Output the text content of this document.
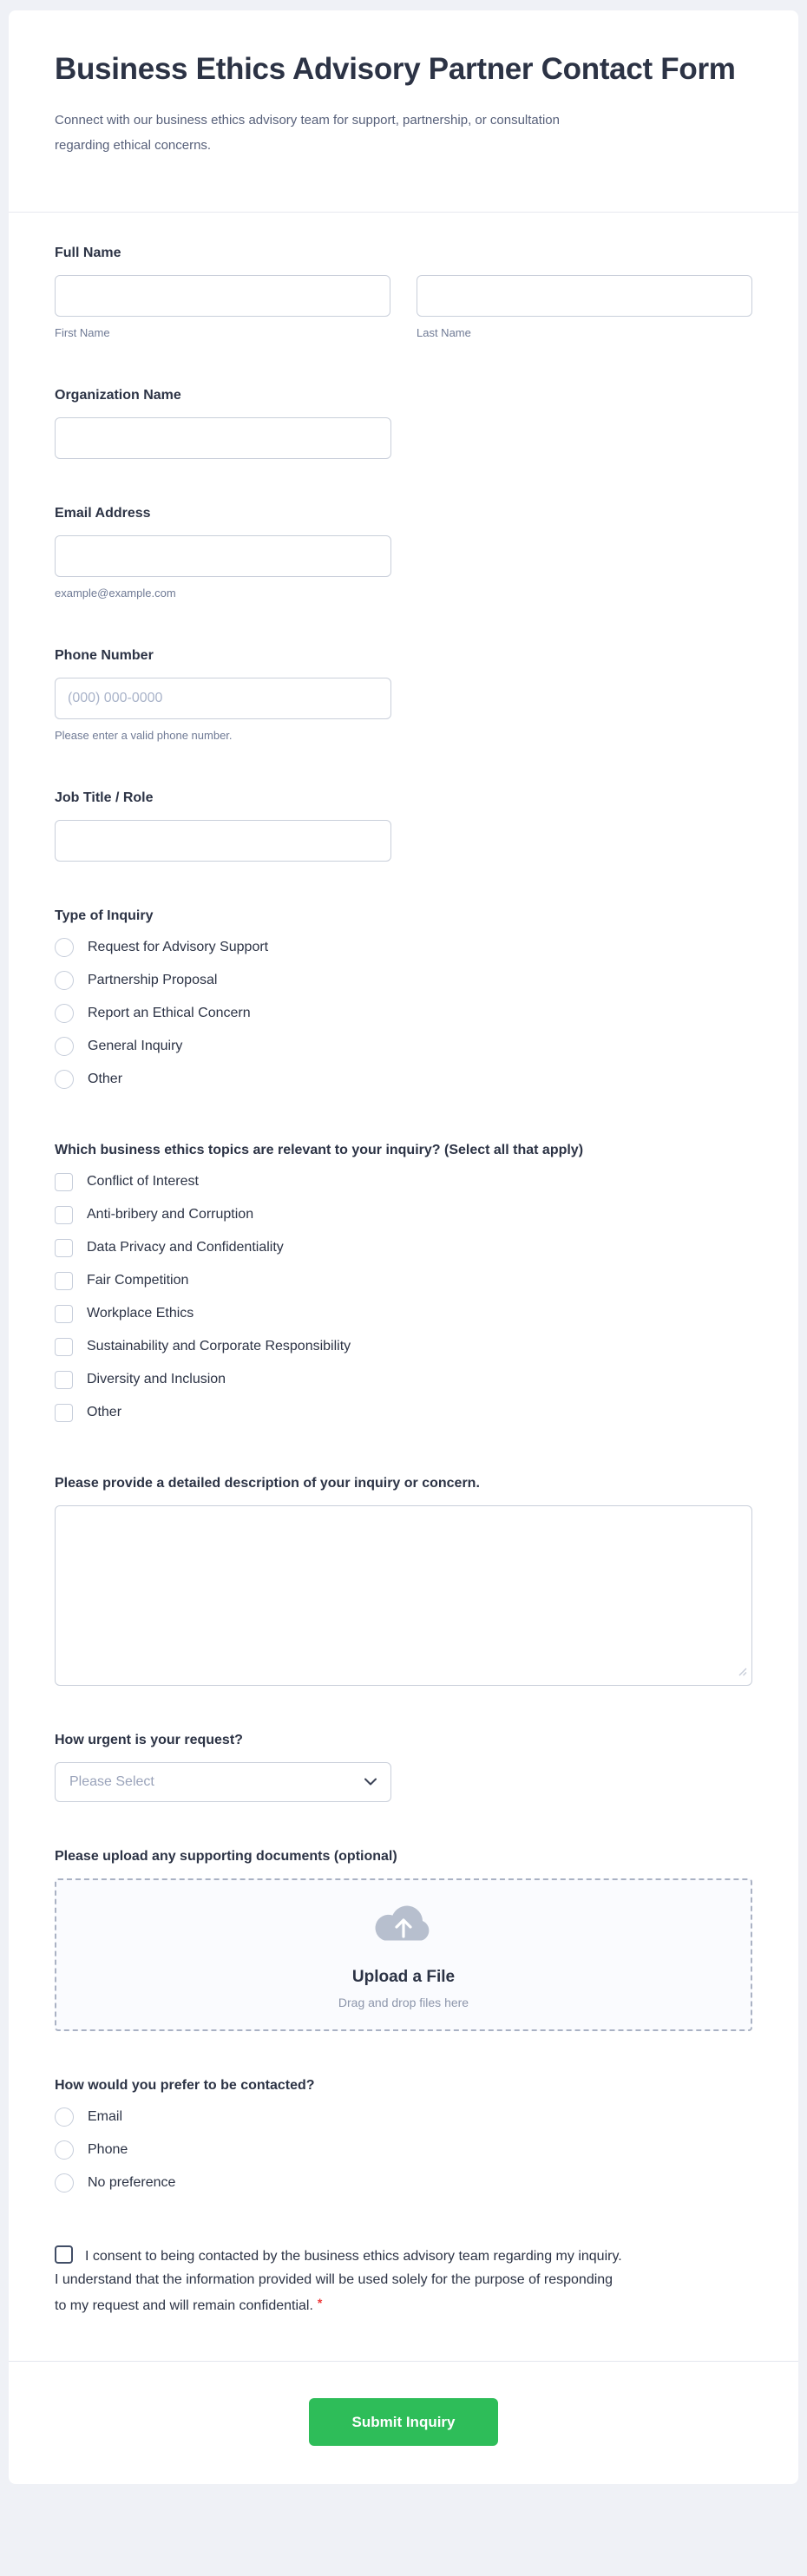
Business Ethics Advisory Partner Contact Form

Connect with our business ethics advisory team for support, partnership, or consultation regarding ethical concerns.

Full Name
First Name	Last Name
Organization Name
Email Address
example@example.com
Phone Number
(000) 000-0000
Please enter a valid phone number.
Job Title / Role
Type of Inquiry
Request for Advisory Support
Partnership Proposal
Report an Ethical Concern
General Inquiry
Other
Which business ethics topics are relevant to your inquiry? (Select all that apply)
Conflict of Interest
Anti-bribery and Corruption
Data Privacy and Confidentiality
Fair Competition
Workplace Ethics
Sustainability and Corporate Responsibility
Diversity and Inclusion
Other
Please provide a detailed description of your inquiry or concern.
How urgent is your request?
Please Select
Please upload any supporting documents (optional)
Upload a File
Drag and drop files here
How would you prefer to be contacted?
Email
Phone
No preference
I consent to being contacted by the business ethics advisory team regarding my inquiry. I understand that the information provided will be used solely for the purpose of responding to my request and will remain confidential. *
Submit Inquiry
